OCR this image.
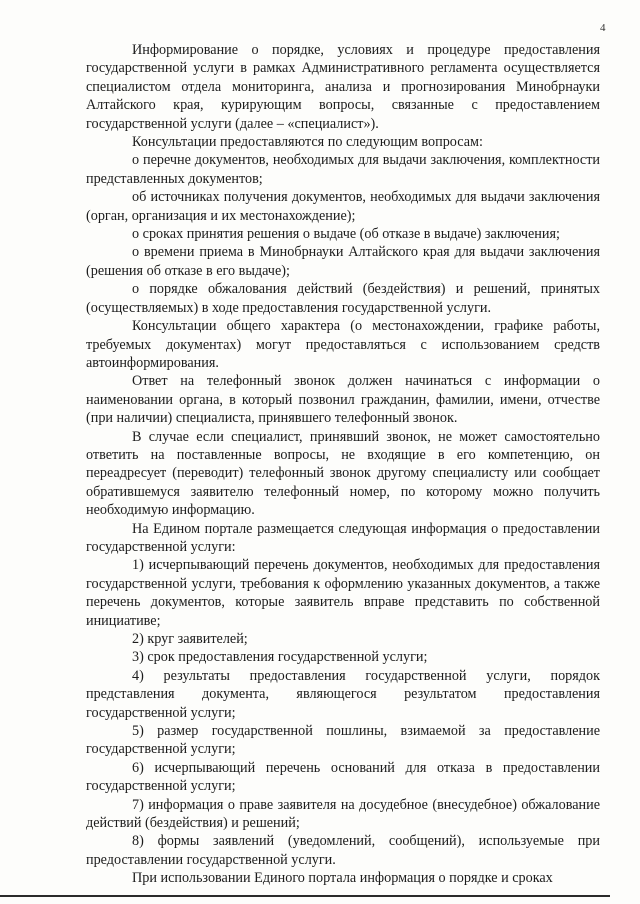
4

Информирование о порядке, условиях и процедуре предоставления государственной услуги в рамках Административного регламента осуществляется специалистом отдела мониторинга, анализа и прогнозирования Минобрнауки Алтайского края, курирующим вопросы, связанные с предоставлением государственной услуги (далее – «специалист»).

Консультации предоставляются по следующим вопросам:

о перечне документов, необходимых для выдачи заключения, комплектности представленных документов;

об источниках получения документов, необходимых для выдачи заключения (орган, организация и их местонахождение);

о сроках принятия решения о выдаче (об отказе в выдаче) заключения;

о времени приема в Минобрнауки Алтайского края для выдачи заключения (решения об отказе в его выдаче);

о порядке обжалования действий (бездействия) и решений, принятых (осуществляемых) в ходе предоставления государственной услуги.

Консультации общего характера (о местонахождении, графике работы, требуемых документах) могут предоставляться с использованием средств автоинформирования.

Ответ на телефонный звонок должен начинаться с информации о наименовании органа, в который позвонил гражданин, фамилии, имени, отчестве (при наличии) специалиста, принявшего телефонный звонок.

В случае если специалист, принявший звонок, не может самостоятельно ответить на поставленные вопросы, не входящие в его компетенцию, он переадресует (переводит) телефонный звонок другому специалисту или сообщает обратившемуся заявителю телефонный номер, по которому можно получить необходимую информацию.

На Едином портале размещается следующая информация о предоставлении государственной услуги:

1) исчерпывающий перечень документов, необходимых для предоставления государственной услуги, требования к оформлению указанных документов, а также перечень документов, которые заявитель вправе представить по собственной инициативе;

2) круг заявителей;

3) срок предоставления государственной услуги;

4) результаты предоставления государственной услуги, порядок представления документа, являющегося результатом предоставления государственной услуги;

5) размер государственной пошлины, взимаемой за предоставление государственной услуги;

6) исчерпывающий перечень оснований для отказа в предоставлении государственной услуги;

7) информация о праве заявителя на досудебное (внесудебное) обжалование действий (бездействия) и решений;

8) формы заявлений (уведомлений, сообщений), используемые при предоставлении государственной услуги.

При использовании Единого портала информация о порядке и сроках
